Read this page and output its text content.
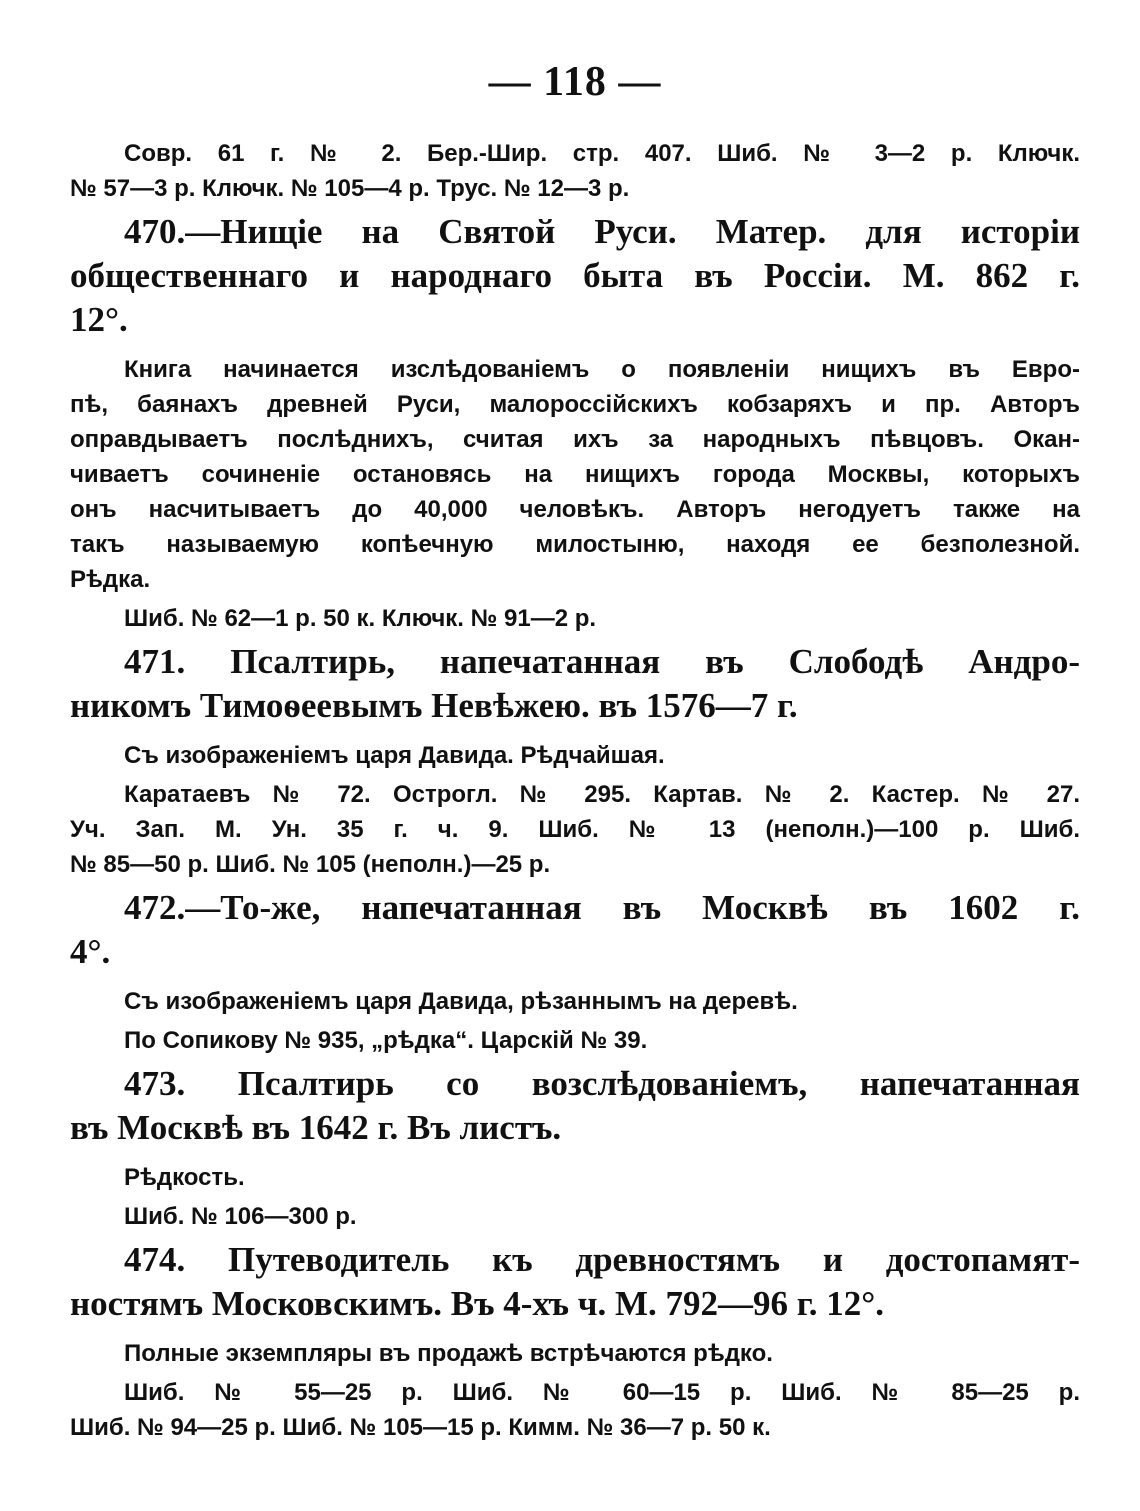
— 118 —
Совр. 61 г. № 2. Бер.-Шир. стр. 407. Шиб. № 3—2 р. Ключк.
№ 57—3 р. Ключк. № 105—4 р. Трус. № 12—3 р.
470.—Нищіе на Святой Руси. Матер. для исторіи
общественнаго и народнаго быта въ Россіи. М. 862 г.
12°.
Книга начинается изслѣдованіемъ о появленіи нищихъ въ Евро-
пѣ, баянахъ древней Руси, малороссійскихъ кобзаряхъ и пр. Авторъ
оправдываетъ послѣднихъ, считая ихъ за народныхъ пѣвцовъ. Окан-
чиваетъ сочиненіе остановясь на нищихъ города Москвы, которыхъ
онъ насчитываетъ до 40,000 человѣкъ. Авторъ негодуетъ также на
такъ называемую копѣечную милостыню, находя ее безполезной.
Рѣдка.
Шиб. № 62—1 р. 50 к. Ключк. № 91—2 р.
471. Псалтирь, напечатанная въ Слободѣ Андро-
никомъ Тимоѳеевымъ Невѣжею. въ 1576—7 г.
Съ изображеніемъ царя Давида. Рѣдчайшая.
Каратаевъ № 72. Острогл. № 295. Картав. № 2. Кастер. № 27.
Уч. Зап. М. Ун. 35 г. ч. 9. Шиб. № 13 (неполн.)—100 р. Шиб.
№ 85—50 р. Шиб. № 105 (неполн.)—25 р.
472.—То-же, напечатанная въ Москвѣ въ 1602 г.
4°.
Съ изображеніемъ царя Давида, рѣзаннымъ на деревѣ.
По Сопикову № 935, „рѣдка“. Царскій № 39.
473. Псалтирь со возслѣдованіемъ, напечатанная
въ Москвѣ въ 1642 г. Въ листъ.
Рѣдкость.
Шиб. № 106—300 р.
474. Путеводитель къ древностямъ и достопамят-
ностямъ Московскимъ. Въ 4-хъ ч. М. 792—96 г. 12°.
Полные экземпляры въ продажѣ встрѣчаются рѣдко.
Шиб. № 55—25 р. Шиб. № 60—15 р. Шиб. № 85—25 р.
Шиб. № 94—25 р. Шиб. № 105—15 р. Кимм. № 36—7 р. 50 к.
